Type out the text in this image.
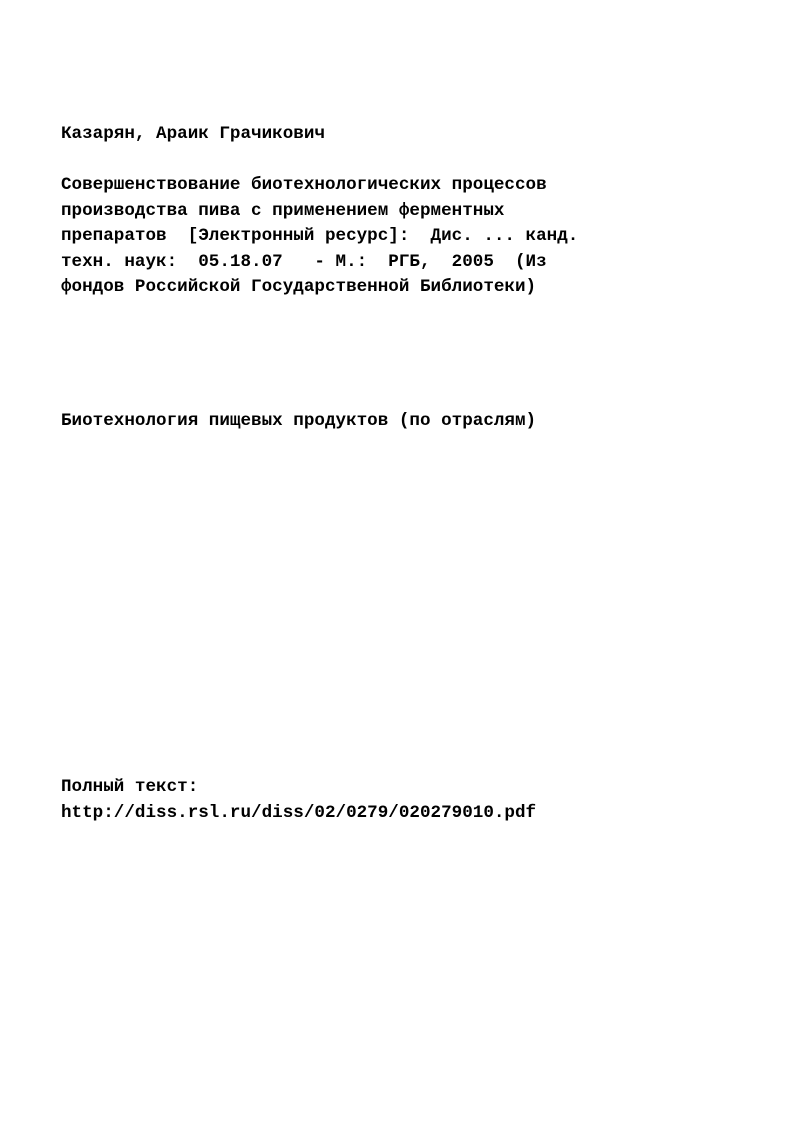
Казарян, Араик Грачикович
Совершенствование биотехнологических процессов
производства пива с применением ферментных
препаратов  [Электронный ресурс]:  Дис. ... канд.
техн. наук:  05.18.07   - М.:  РГБ,  2005  (Из
фондов Российской Государственной Библиотеки)
Биотехнология пищевых продуктов (по отраслям)
Полный текст:
http://diss.rsl.ru/diss/02/0279/020279010.pdf
